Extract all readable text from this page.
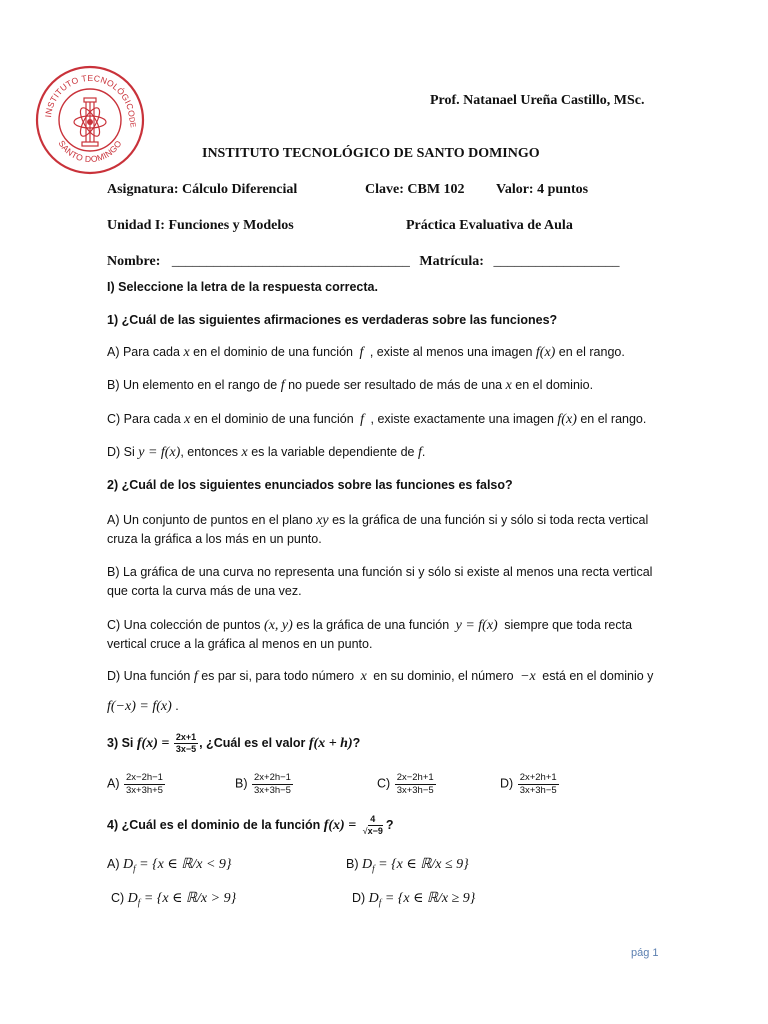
INSTITUTO TECNOLÓGICO
SANTO DOMINGO
DE
Prof. Natanael Ureña Castillo, MSc.
INSTITUTO TECNOLÓGICO DE SANTO DOMINGO
Asignatura: Cálculo Diferencial	Clave: CBM 102 Valor: 4 puntos
Unidad I: Funciones y Modelos	Práctica Evaluativa de Aula
Nombre: __________________________________ Matrícula: __________________
I) Seleccione la letra de la respuesta correcta.
1) ¿Cuál de las siguientes afirmaciones es verdaderas sobre las funciones?
A) Para cada x en el dominio de una función f , existe al menos una imagen f(x) en el rango.
B) Un elemento en el rango de f no puede ser resultado de más de una x en el dominio.
C) Para cada x en el dominio de una función f , existe exactamente una imagen f(x) en el rango.
D) Si y = f(x), entonces x es la variable dependiente de f.
2) ¿Cuál de los siguientes enunciados sobre las funciones es falso?
A) Un conjunto de puntos en el plano xy es la gráfica de una función si y sólo si toda recta vertical
cruza la gráfica a los más en un punto.
B) La gráfica de una curva no representa una función si y sólo si existe al menos una recta vertical
que corta la curva más de una vez.
C) Una colección de puntos (x, y) es la gráfica de una función y = f(x) siempre que toda recta
vertical cruce a la gráfica al menos en un punto.
D) Una función f es par si, para todo número x en su dominio, el número −x está en el dominio y
f(−x) = f(x) .
3) Si $f(x) = \frac{2x+1}{3x-5}$ , ¿Cuál es el valor f(x + h)?
$A) \frac{2x-2h-1}{3x+3h+5}$	$B) \frac{2x+2h-1}{3x+3h-5}$	$C) \frac{2x-2h+1}{3x+3h-5}$	$D) \frac{2x+2h+1}{3x+3h-5}$
4) ¿Cuál es el dominio de la función $f(x) = \frac{4}{√x-9}$ ?
A) $D_f = \{x$ ∈ ℝ/x < 9}	B) $D_f = \{x$ ∈ ℝ/x ≤ 9}
C) $D_f = \{x$ ∈ ℝ/x > 9}	D) $D_f = \{x$ ∈ ℝ/x ≥ 9}
pág 1
